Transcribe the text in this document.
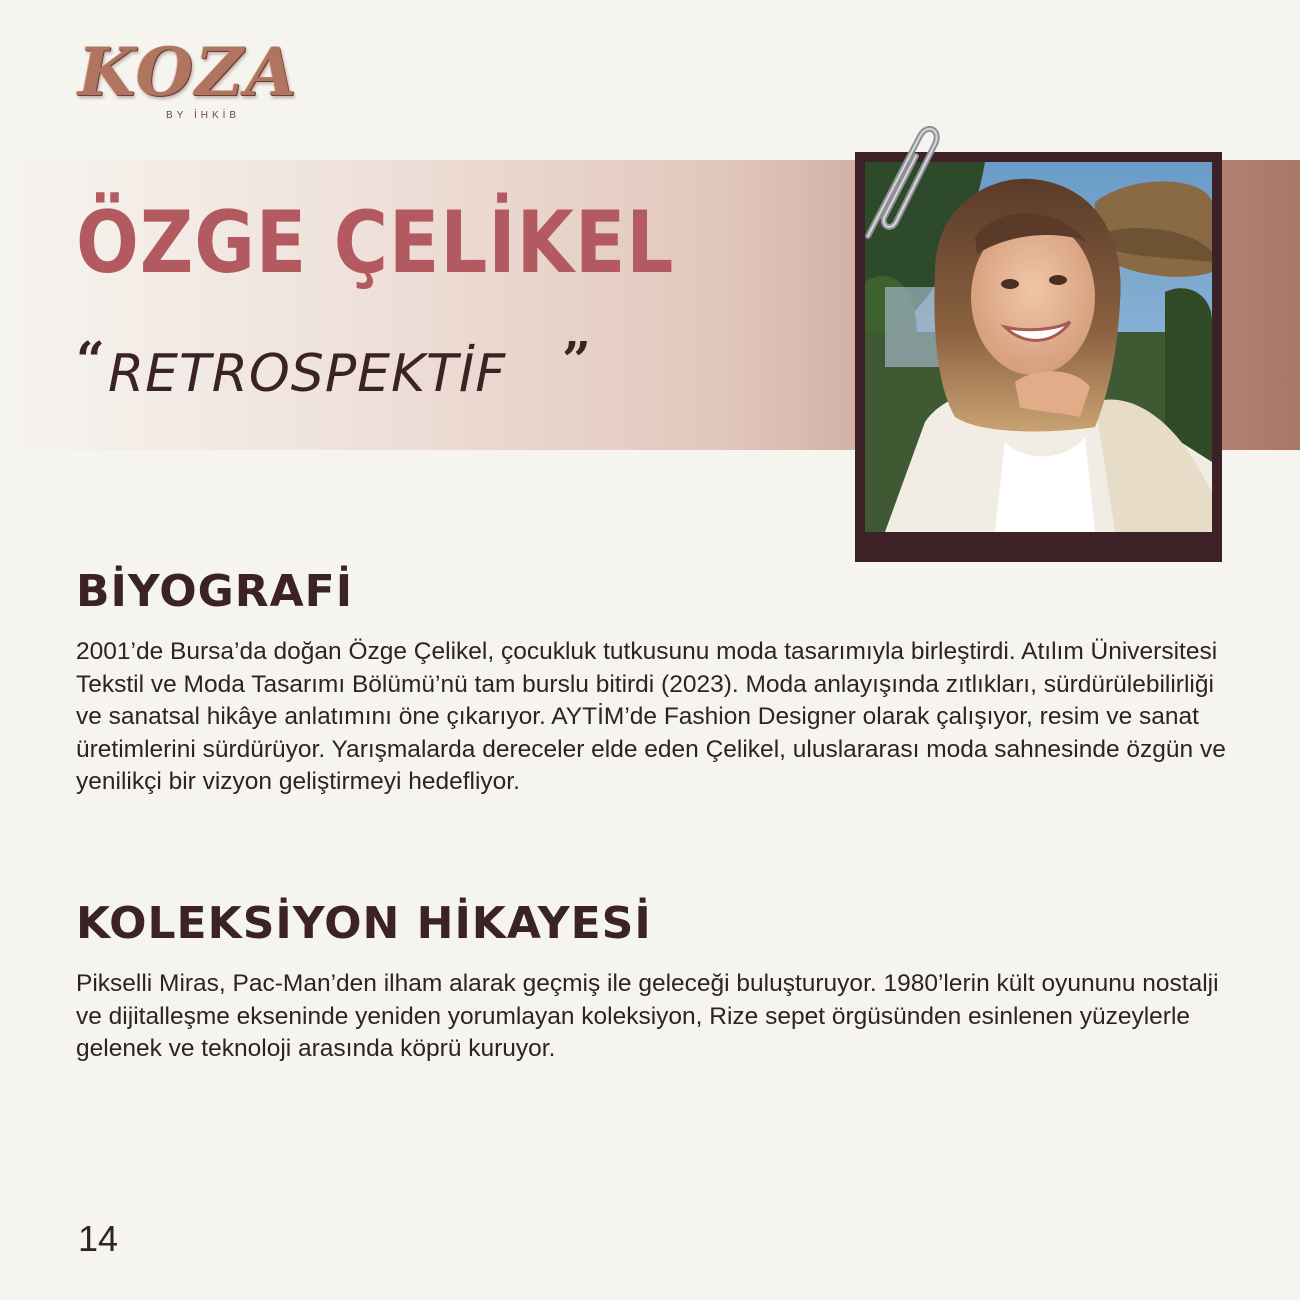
KOZA
BY İHKİB
ÖZGE ÇELİKEL
“ RETROSPEKTİF ”
BİYOGRAFİ

2001’de Bursa’da doğan Özge Çelikel, çocukluk tutkusunu moda tasarımıyla birleştirdi. Atılım Üniversitesi Tekstil ve Moda Tasarımı Bölümü’nü tam burslu bitirdi (2023). Moda anlayışında zıtlıkları, sürdürülebilirliği ve sanatsal hikâye anlatımını öne çıkarıyor. AYTİM’de Fashion Designer olarak çalışıyor, resim ve sanat üretimlerini sürdürüyor. Yarışmalarda dereceler elde eden Çelikel, uluslararası moda sahnesinde özgün ve yenilikçi bir vizyon geliştirmeyi hedefliyor.

KOLEKSİYON HİKAYESİ

Pikselli Miras, Pac-Man’den ilham alarak geçmiş ile geleceği buluşturuyor. 1980’lerin kült oyununu nostalji ve dijitalleşme ekseninde yeniden yorumlayan koleksiyon, Rize sepet örgüsünden esinlenen yüzeylerle gelenek ve teknoloji arasında köprü kuruyor.

14
